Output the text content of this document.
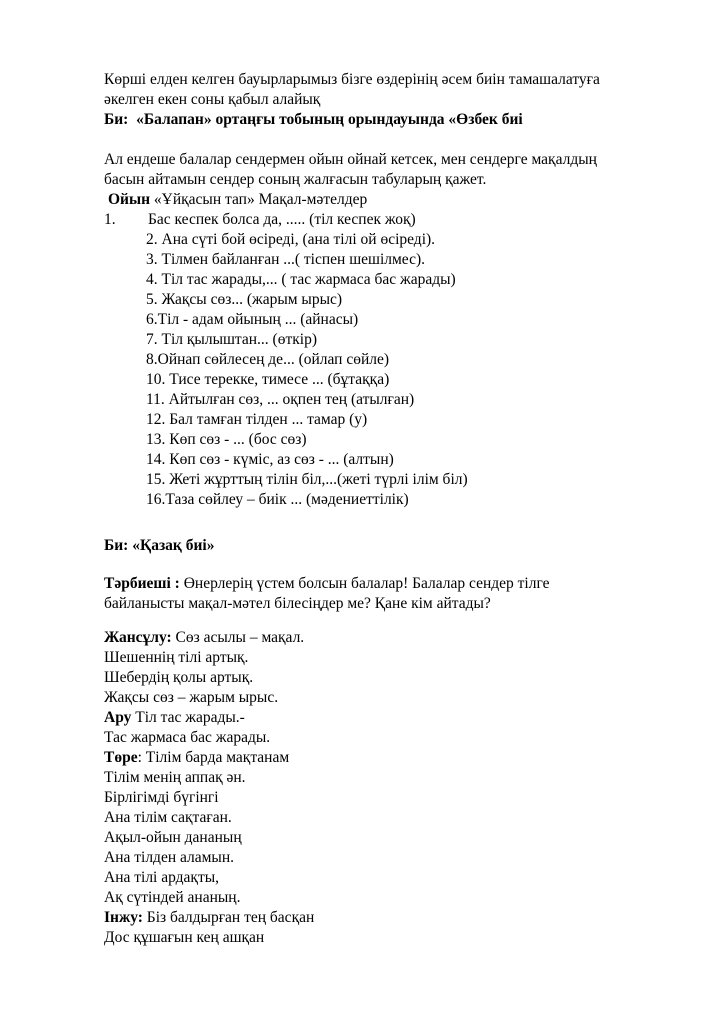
Көрші елден келген бауырларымыз бізге өздерінің әсем биін тамашалатуға
әкелген екен соны қабыл алайық
Би: «Балапан» ортаңғы тобының орындауында «Өзбек биі
Ал ендеше балалар сендермен ойын ойнай кетсек, мен сендерге мақалдың
басын айтамын сендер соның жалғасын табуларың қажет.
Ойын «Ұйқасын тап» Мақал-мәтелдер
1. Бас кеспек болса да, ..... (тіл кеспек жоқ)
2. Ана сүті бой өсіреді, (ана тілі ой өсіреді).
3. Тілмен байланған ...( тіспен шешілмес).
4. Тіл тас жарады,... ( тас жармаса бас жарады)
5. Жақсы сөз... (жарым ырыс)
6.Тіл - адам ойының ... (айнасы)
7. Тіл қылыштан... (өткір)
8.Ойнап сөйлесең де... (ойлап сөйле)
10. Тисе терекке, тимесе ... (бұтаққа)
11. Айтылған сөз, ... оқпен тең (атылған)
12. Бал тамған тілден ... тамар (у)
13. Көп сөз - ... (бос сөз)
14. Көп сөз - күміс, аз сөз - ... (алтын)
15. Жеті жұрттың тілін біл,...(жеті түрлі ілім біл)
16.Таза сөйлеу – биік ... (мәдениеттілік)
Би: «Қазақ биі»
Тәрбиеші : Өнерлерің үстем болсын балалар! Балалар сендер тілге
байланысты мақал-мәтел білесіңдер ме? Қане кім айтады?
Жансұлу: Сөз асылы – мақал.
Шешеннің тілі артық.
Шебердің қолы артық.
Жақсы сөз – жарым ырыс.
Ару Тіл тас жарады.-
Тас жармаса бас жарады.
Төре: Тілім барда мақтанам
Тілім менің аппақ ән.
Бірлігімді бүгінгі
Ана тілім сақтаған.
Ақыл-ойын дананың
Ана тілден аламын.
Ана тілі ардақты,
Ақ сүтіндей ананың.
Інжу: Біз балдырған тең басқан
Дос құшағын кең ашқан
